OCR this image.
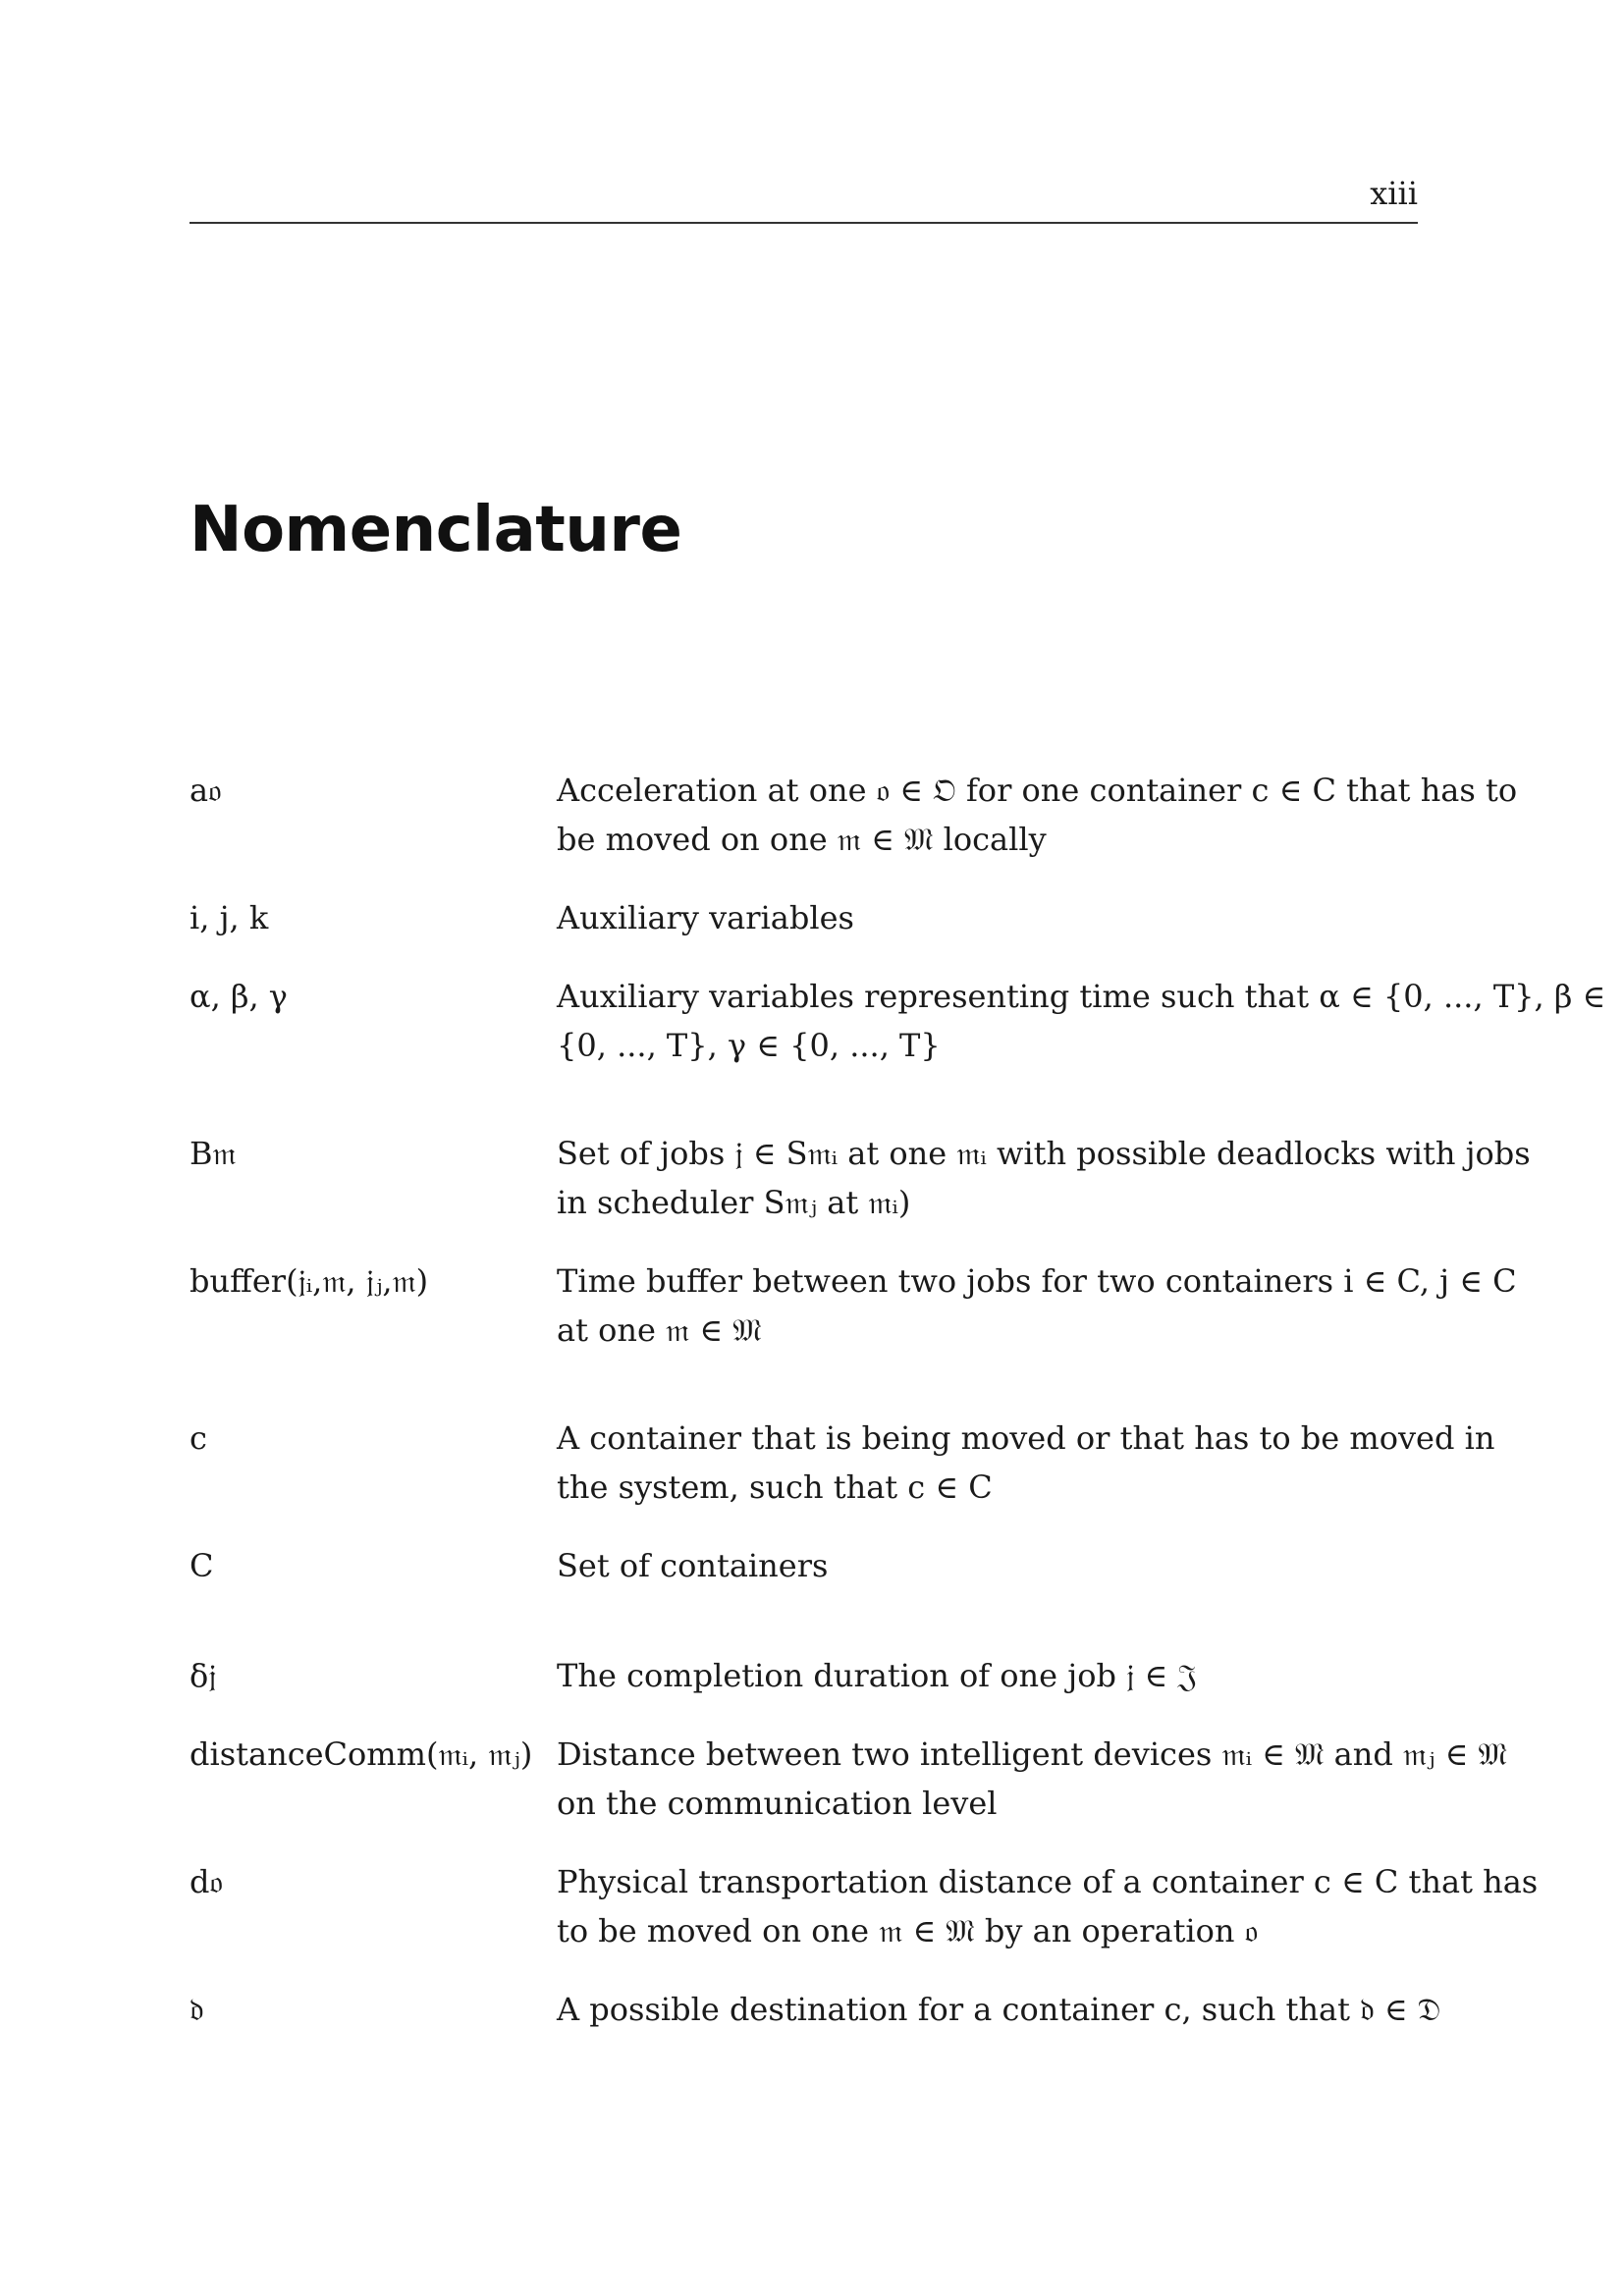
xiii
Nomenclature
a𝔬	Acceleration at one 𝔬 ∈ 𝔒 for one container c ∈ C that has to
be moved on one 𝔪 ∈ 𝔐 locally
i, j, k	Auxiliary variables
α, β, γ	Auxiliary variables representing time such that α ∈ {0, ..., T}, β ∈
{0, ..., T}, γ ∈ {0, ..., T}
B𝔪	Set of jobs 𝔧 ∈ S𝔪ᵢ at one 𝔪ᵢ with possible deadlocks with jobs
in scheduler S𝔪ⱼ at 𝔪ᵢ)
buffer(𝔧ᵢ,𝔪, 𝔧ⱼ,𝔪)	Time buffer between two jobs for two containers i ∈ C, j ∈ C
at one 𝔪 ∈ 𝔐
c	A container that is being moved or that has to be moved in
the system, such that c ∈ C
C	Set of containers
δ𝔧	The completion duration of one job 𝔧 ∈ 𝔍
distanceComm(𝔪ᵢ, 𝔪ⱼ) Distance between two intelligent devices 𝔪ᵢ ∈ 𝔐 and 𝔪ⱼ ∈ 𝔐
on the communication level
d𝔬	Physical transportation distance of a container c ∈ C that has
to be moved on one 𝔪 ∈ 𝔐 by an operation 𝔬
𝔡	A possible destination for a container c, such that 𝔡 ∈ 𝔇
